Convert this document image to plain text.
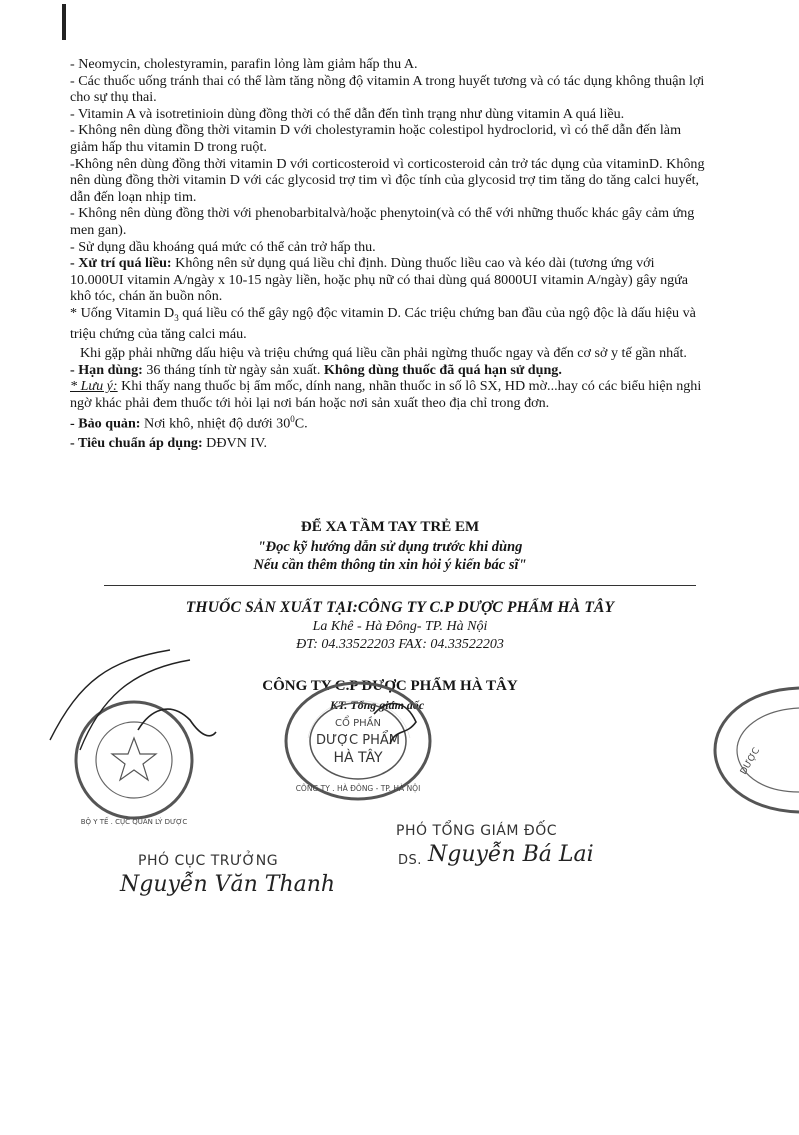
- Neomycin, cholestyramin, parafin lỏng làm giảm hấp thu A.

- Các thuốc uống tránh thai có thể làm tăng nồng độ vitamin A trong huyết tương và có tác dụng không thuận lợi cho sự thụ thai.

- Vitamin A và isotretinioin dùng đồng thời có thể dẫn đến tình trạng như dùng vitamin A quá liều.

- Không nên dùng đồng thời vitamin D với cholestyramin hoặc colestipol hydroclorid, vì có thể dẫn đến làm giảm hấp thu vitamin D trong ruột.

-Không nên dùng đồng thời vitamin D với corticosteroid vì corticosteroid cản trở tác dụng của vitaminD. Không nên dùng đồng thời vitamin D với các glycosid trợ tim vì độc tính của glycosid trợ tim tăng do tăng calci huyết, dẫn đến loạn nhịp tim.

- Không nên dùng đồng thời với phenobarbitalvà/hoặc phenytoin(và có thể với những thuốc khác gây cảm ứng men gan).

- Sử dụng dầu khoáng quá mức có thể cản trở hấp thu.

- Xử trí quá liều: Không nên sử dụng quá liều chỉ định. Dùng thuốc liều cao và kéo dài (tương ứng với 10.000UI vitamin A/ngày x 10-15 ngày liền, hoặc phụ nữ có thai dùng quá 8000UI vitamin A/ngày) gây ngứa khô tóc, chán ăn buồn nôn.

* Uống Vitamin $D_3$ quá liều có thể gây ngộ độc vitamin D. Các triệu chứng ban đầu của ngộ độc là dấu hiệu và triệu chứng của tăng calci máu.

Khi gặp phải những dấu hiệu và triệu chứng quá liều cần phải ngừng thuốc ngay và đến cơ sở y tế gần nhất.

- Hạn dùng: 36 tháng tính từ ngày sản xuất. Không dùng thuốc đã quá hạn sử dụng.

* Lưu ý: Khi thấy nang thuốc bị ẩm mốc, dính nang, nhãn thuốc in số lô SX, HD mờ...hay có các biểu hiện nghi ngờ khác phải đem thuốc tới hỏi lại nơi bán hoặc nơi sản xuất theo địa chỉ trong đơn.

- Bảo quản: Nơi khô, nhiệt độ dưới $30^0C$.

- Tiêu chuẩn áp dụng: DĐVN IV.

ĐỂ XA TẦM TAY TRẺ EM
"Đọc kỹ hướng dẫn sử dụng trước khi dùng
Nếu cần thêm thông tin xin hỏi ý kiến bác sĩ"
THUỐC SẢN XUẤT TẠI:CÔNG TY C.P DƯỢC PHẨM HÀ TÂY
La Khê - Hà Đông- TP. Hà Nội
ĐT: 04.33522203 FAX: 04.33522203
CÔNG TY C.P DƯỢC PHẨM HÀ TÂY
KT. Tổng giám đốc
CỔ PHẦN
DƯỢC PHẨM
HÀ TÂY
CÔNG TY . HÀ ĐÔNG - TP. HÀ NỘI
PHÓ TỔNG GIÁM ĐỐC
DS. Nguyễn Bá Lai
BỘ Y TẾ . CỤC QUẢN LÝ DƯỢC
PHÓ CỤC TRƯỞNG
Nguyễn Văn Thanh
DƯỢC
